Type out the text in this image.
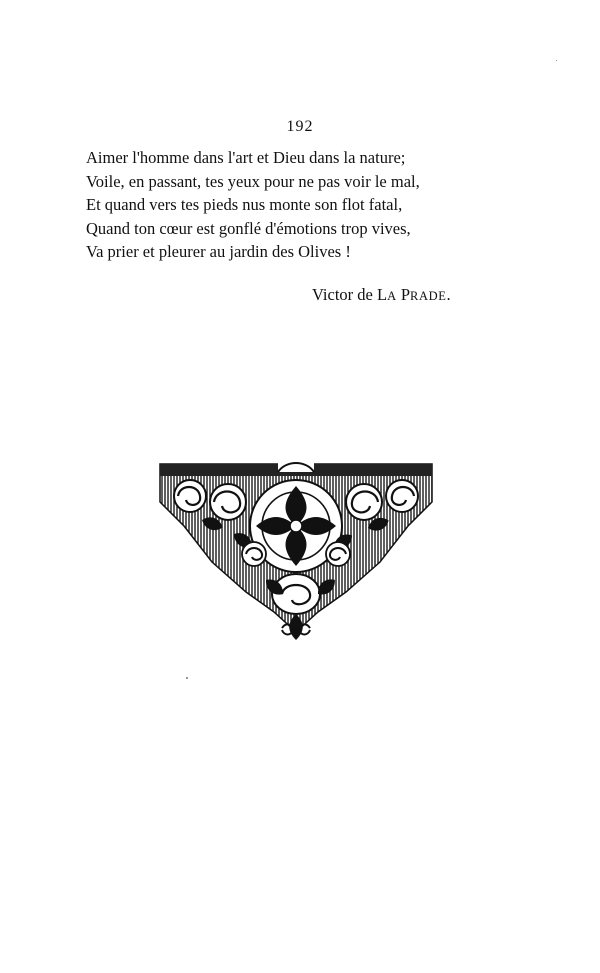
192
Aimer l'homme dans l'art et Dieu dans la nature;
Voile, en passant, tes yeux pour ne pas voir le mal,
Et quand vers tes pieds nus monte son flot fatal,
Quand ton cœur est gonflé d'émotions trop vives,
Va prier et pleurer au jardin des Olives !
Victor de LA PRADE.
